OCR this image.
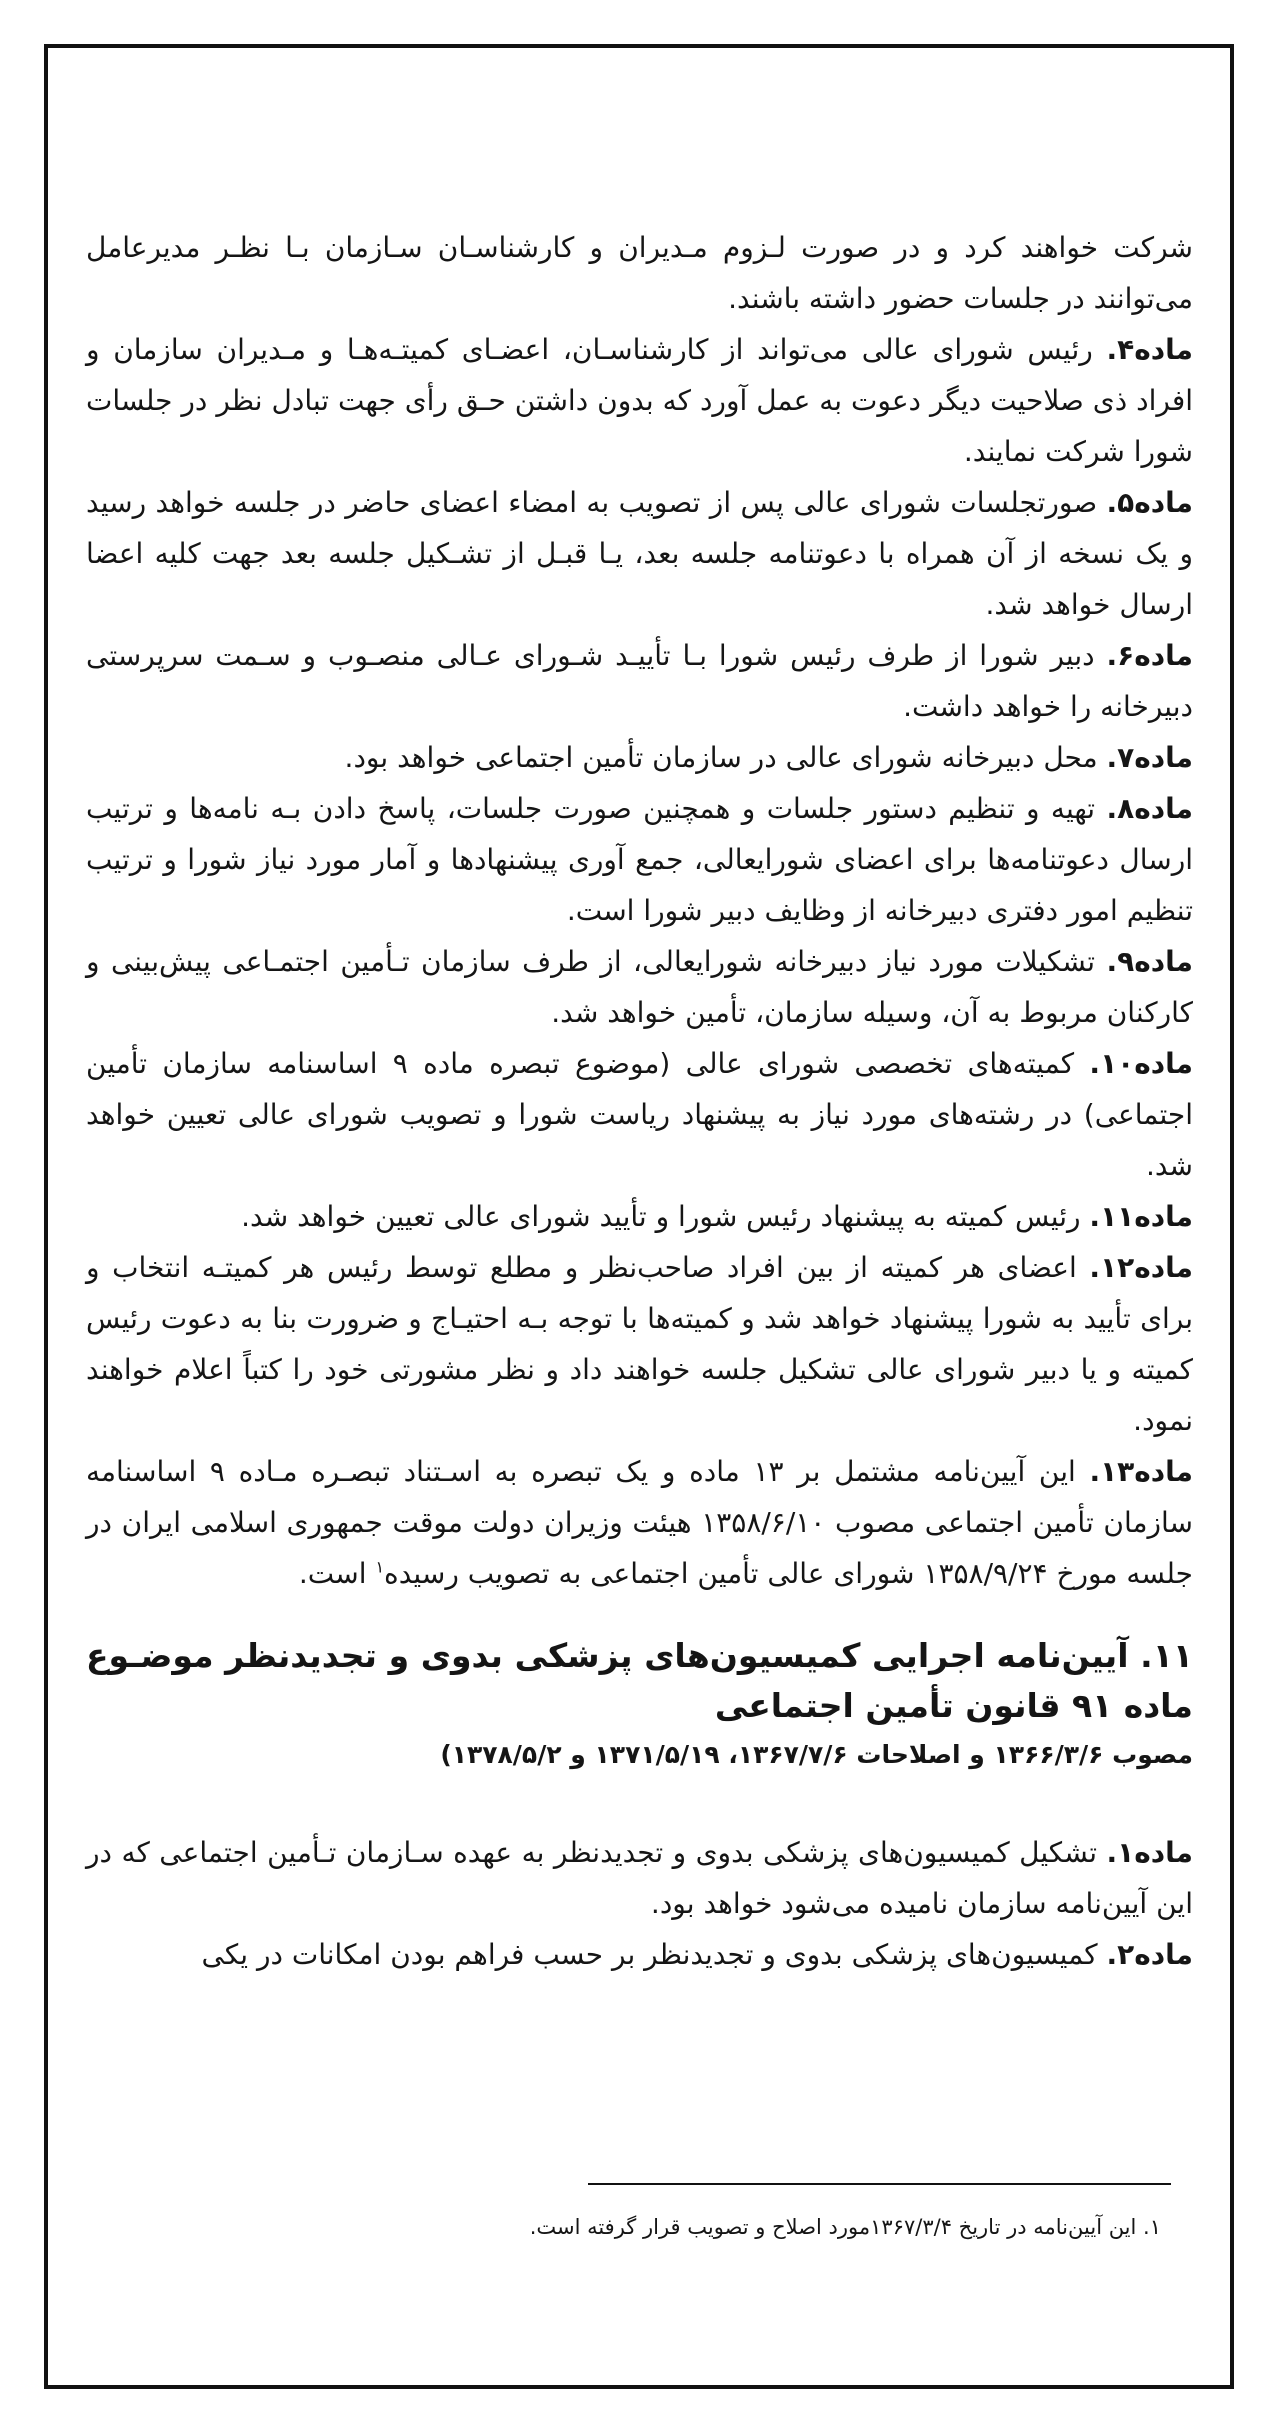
شرکت خواهند کرد و در صورت لـزوم مـدیران و کارشناسـان سـازمان بـا نظـر مدیرعامل می‌توانند در جلسات حضور داشته باشند.

ماده۴. رئیس شورای عالی می‌تواند از کارشناسـان، اعضـای کمیتـه‌هـا و مـدیران سازمان و افراد ذی صلاحیت دیگر دعوت به عمل آورد که بدون داشتن حـق رأی جهت تبادل نظر در جلسات شورا شرکت نمایند.

ماده۵. صورتجلسات شورای عالی پس از تصویب به امضاء اعضای حاضر در جلسه خواهد رسید و یک نسخه از آن همراه با دعوتنامه جلسه بعد، یـا قبـل از تشـکیل جلسه بعد جهت کلیه اعضا ارسال خواهد شد.

ماده۶. دبیر شورا از طرف رئیس شورا بـا تأییـد شـورای عـالی منصـوب و سـمت سرپرستی دبیرخانه را خواهد داشت.

ماده۷. محل دبیرخانه شورای عالی در سازمان تأمین اجتماعی خواهد بود.

ماده۸. تهیه و تنظیم دستور جلسات و همچنین صورت جلسات، پاسخ دادن بـه نامه‌ها و ترتیب ارسال دعوتنامه‌ها برای اعضای شورایعالی، جمع آوری پیشنهادها و آمار مورد نیاز شورا و ترتیب تنظیم امور دفتری دبیرخانه از وظایف دبیر شورا است.

ماده۹. تشکیلات مورد نیاز دبیرخانه شورایعالی، از طرف سازمان تـأمین اجتمـاعی پیش‌بینی و کارکنان مربوط به آن، وسیله سازمان، تأمین خواهد شد.

ماده۱۰. کمیته‌های تخصصی شورای عالی (موضوع تبصره ماده ۹ اساسنامه سازمان تأمین اجتماعی) در رشته‌های مورد نیاز به پیشنهاد ریاست شورا و تصویب شورای عالی تعیین خواهد شد.

ماده۱۱. رئیس کمیته به پیشنهاد رئیس شورا و تأیید شورای عالی تعیین خواهد شد.

ماده۱۲. اعضای هر کمیته از بین افراد صاحب‌نظر و مطلع توسط رئیس هر کمیتـه انتخاب و برای تأیید به شورا پیشنهاد خواهد شد و کمیته‌ها با توجه بـه احتیـاج و ضرورت بنا به دعوت رئیس کمیته و یا دبیر شورای عالی تشکیل جلسه خواهند داد و نظر مشورتی خود را کتباً اعلام خواهند نمود.

ماده۱۳. این آیین‌نامه مشتمل بر ۱۳ ماده و یک تبصره به اسـتناد تبصـره مـاده ۹ اساسنامه سازمان تأمین اجتماعی مصوب ۱۳۵۸/۶/۱۰ هیئت وزیران دولت موقت جمهوری اسلامی ایران در جلسه مورخ ۱۳۵۸/۹/۲۴ شورای عالی تأمین اجتماعی به تصویب رسیده$^۱$ است.

۱۱. آیین‌نامه اجرایی کمیسیون‌های پزشکی بدوی و تجدیدنظر موضـوع ماده ۹۱ قانون تأمین اجتماعی
مصوب ۱۳۶۶/۳/۶ و اصلاحات ۱۳۶۷/۷/۶، ۱۳۷۱/۵/۱۹ و ۱۳۷۸/۵/۲)

ماده۱. تشکیل کمیسیون‌های پزشکی بدوی و تجدیدنظر به عهده سـازمان تـأمین اجتماعی که در این آیین‌نامه سازمان نامیده می‌شود خواهد بود.

ماده۲. کمیسیون‌های پزشکی بدوی و تجدیدنظر بر حسب فراهم بودن امکانات در یکی

۱. این آیین‌نامه در تاریخ ۱۳۶۷/۳/۴مورد اصلاح و تصویب قرار گرفته است.
